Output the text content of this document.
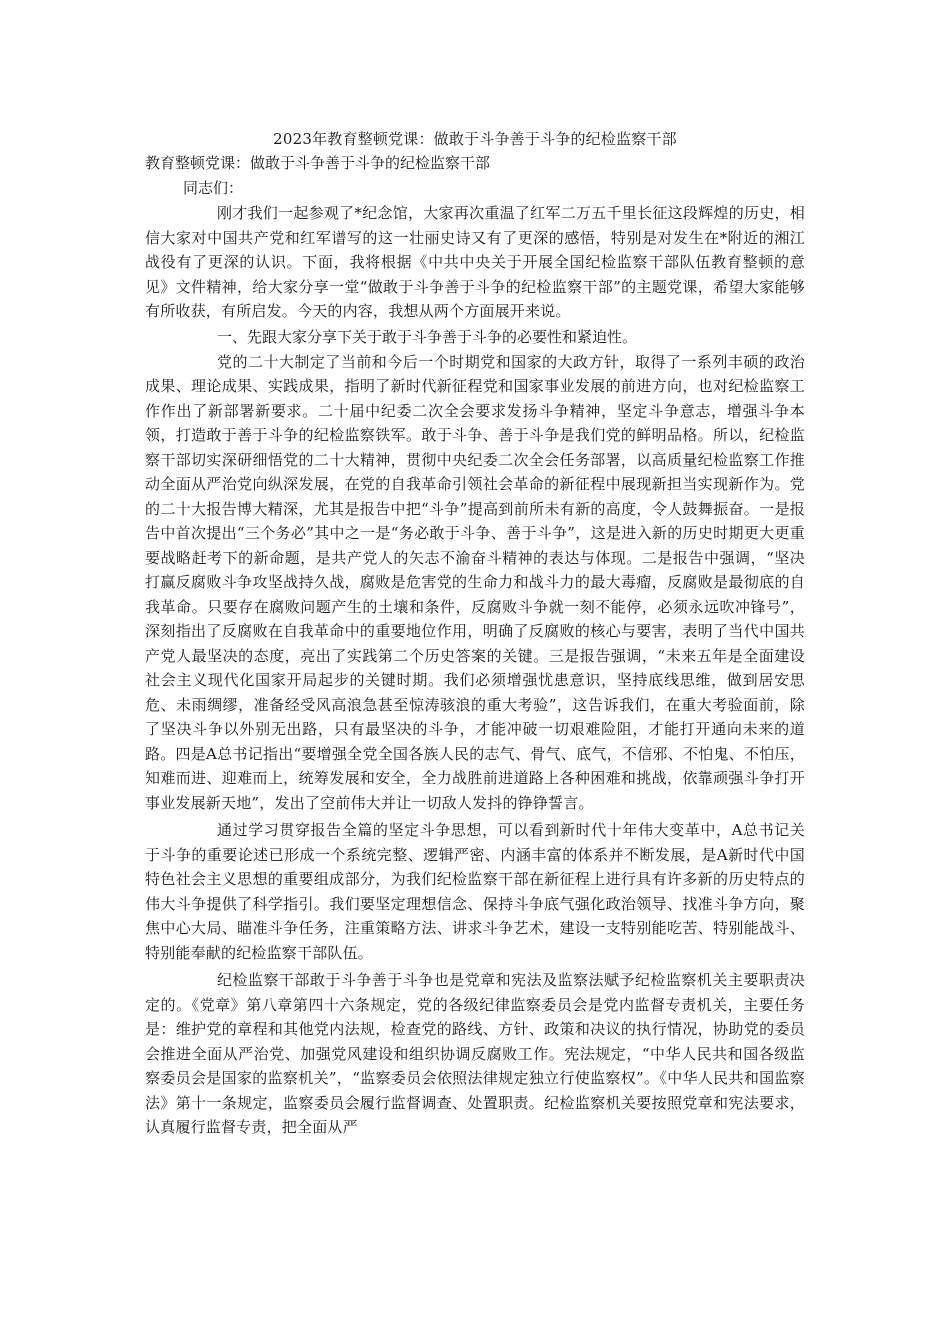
2023年教育整顿党课：做敢于斗争善于斗争的纪检监察干部

教育整顿党课：做敢于斗争善于斗争的纪检监察干部

同志们：

刚才我们一起参观了*纪念馆，大家再次重温了红军二万五千里长征这段辉煌的历史，相信大家对中国共产党和红军谱写的这一壮丽史诗又有了更深的感悟，特别是对发生在*附近的湘江战役有了更深的认识。下面，我将根据《中共中央关于开展全国纪检监察干部队伍教育整顿的意见》文件精神，给大家分享一堂“做敢于斗争善于斗争的纪检监察干部”的主题党课，希望大家能够有所收获，有所启发。今天的内容，我想从两个方面展开来说。

一、先跟大家分享下关于敢于斗争善于斗争的必要性和紧迫性。

党的二十大制定了当前和今后一个时期党和国家的大政方针，取得了一系列丰硕的政治成果、理论成果、实践成果，指明了新时代新征程党和国家事业发展的前进方向，也对纪检监察工作作出了新部署新要求。二十届中纪委二次全会要求发扬斗争精神，坚定斗争意志，增强斗争本领，打造敢于善于斗争的纪检监察铁军。敢于斗争、善于斗争是我们党的鲜明品格。所以，纪检监察干部切实深研细悟党的二十大精神，贯彻中央纪委二次全会任务部署，以高质量纪检监察工作推动全面从严治党向纵深发展，在党的自我革命引领社会革命的新征程中展现新担当实现新作为。党的二十大报告博大精深，尤其是报告中把“斗争”提高到前所未有新的高度，令人鼓舞振奋。一是报告中首次提出“三个务必”其中之一是“务必敢于斗争、善于斗争”，这是进入新的历史时期更大更重要战略赶考下的新命题，是共产党人的矢志不渝奋斗精神的表达与体现。二是报告中强调，“坚决打赢反腐败斗争攻坚战持久战，腐败是危害党的生命力和战斗力的最大毒瘤，反腐败是最彻底的自我革命。只要存在腐败问题产生的土壤和条件，反腐败斗争就一刻不能停，必须永远吹冲锋号”，深刻指出了反腐败在自我革命中的重要地位作用，明确了反腐败的核心与要害，表明了当代中国共产党人最坚决的态度，亮出了实践第二个历史答案的关键。三是报告强调，“未来五年是全面建设社会主义现代化国家开局起步的关键时期。我们必须增强忧患意识，坚持底线思维，做到居安思危、未雨绸缪，准备经受风高浪急甚至惊涛骇浪的重大考验”，这告诉我们，在重大考验面前，除了坚决斗争以外别无出路，只有最坚决的斗争，才能冲破一切艰难险阻，才能打开通向未来的道路。四是A总书记指出“要增强全党全国各族人民的志气、骨气、底气，不信邪、不怕鬼、不怕压，知难而进、迎难而上，统筹发展和安全，全力战胜前进道路上各种困难和挑战，依靠顽强斗争打开事业发展新天地”，发出了空前伟大并让一切敌人发抖的铮铮誓言。

通过学习贯穿报告全篇的坚定斗争思想，可以看到新时代十年伟大变革中，A总书记关于斗争的重要论述已形成一个系统完整、逻辑严密、内涵丰富的体系并不断发展，是A新时代中国特色社会主义思想的重要组成部分，为我们纪检监察干部在新征程上进行具有许多新的历史特点的伟大斗争提供了科学指引。我们要坚定理想信念、保持斗争底气强化政治领导、找准斗争方向，聚焦中心大局、瞄准斗争任务，注重策略方法、讲求斗争艺术，建设一支特别能吃苦、特别能战斗、特别能奉献的纪检监察干部队伍。

纪检监察干部敢于斗争善于斗争也是党章和宪法及监察法赋予纪检监察机关主要职责决定的。《党章》第八章第四十六条规定，党的各级纪律监察委员会是党内监督专责机关，主要任务是：维护党的章程和其他党内法规，检查党的路线、方针、政策和决议的执行情况，协助党的委员会推进全面从严治党、加强党风建设和组织协调反腐败工作。宪法规定，“中华人民共和国各级监察委员会是国家的监察机关”，“监察委员会依照法律规定独立行使监察权”。《中华人民共和国监察法》第十一条规定，监察委员会履行监督调查、处置职责。纪检监察机关要按照党章和宪法要求，认真履行监督专责，把全面从严
